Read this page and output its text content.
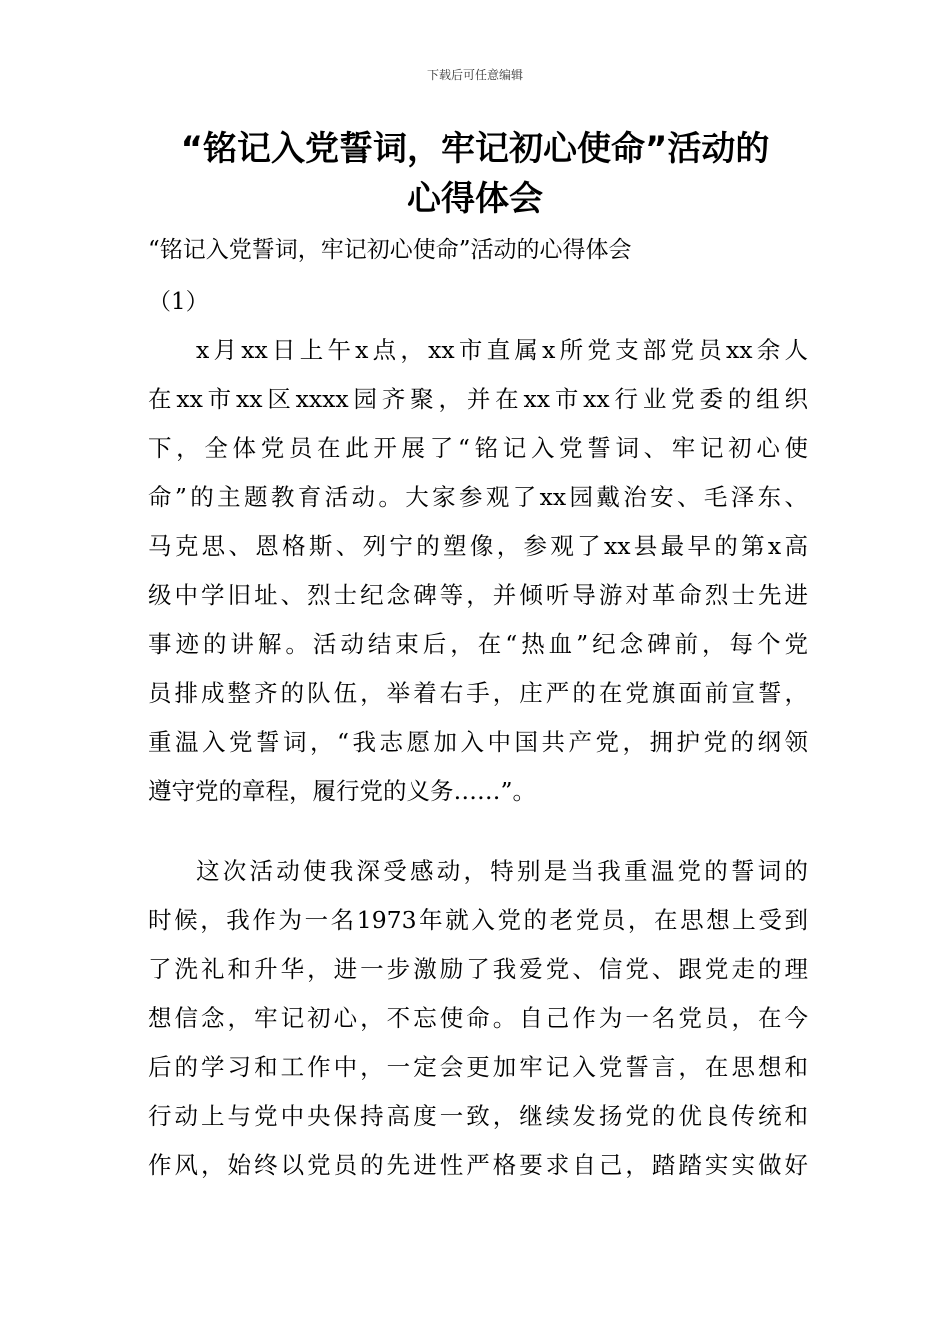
下载后可任意编辑
“铭记入党誓词，牢记初心使命”活动的
心得体会
“铭记入党誓词，牢记初心使命”活动的心得体会
（1）
x月xx日上午x点，xx市直属x所党支部党员xx余人
在xx市xx区xxxx园齐聚，并在xx市xx行业党委的组织
下，全体党员在此开展了“铭记入党誓词、牢记初心使
命”的主题教育活动。大家参观了xx园戴治安、毛泽东、
马克思、恩格斯、列宁的塑像，参观了xx县最早的第x高
级中学旧址、烈士纪念碑等，并倾听导游对革命烈士先进
事迹的讲解。活动结束后，在“热血”纪念碑前，每个党
员排成整齐的队伍，举着右手，庄严的在党旗面前宣誓，
重温入党誓词，“我志愿加入中国共产党，拥护党的纲领
遵守党的章程，履行党的义务……”。
这次活动使我深受感动，特别是当我重温党的誓词的
时候，我作为一名1973年就入党的老党员，在思想上受到
了洗礼和升华，进一步激励了我爱党、信党、跟党走的理
想信念，牢记初心，不忘使命。自己作为一名党员，在今
后的学习和工作中，一定会更加牢记入党誓言，在思想和
行动上与党中央保持高度一致，继续发扬党的优良传统和
作风，始终以党员的先进性严格要求自己，踏踏实实做好
